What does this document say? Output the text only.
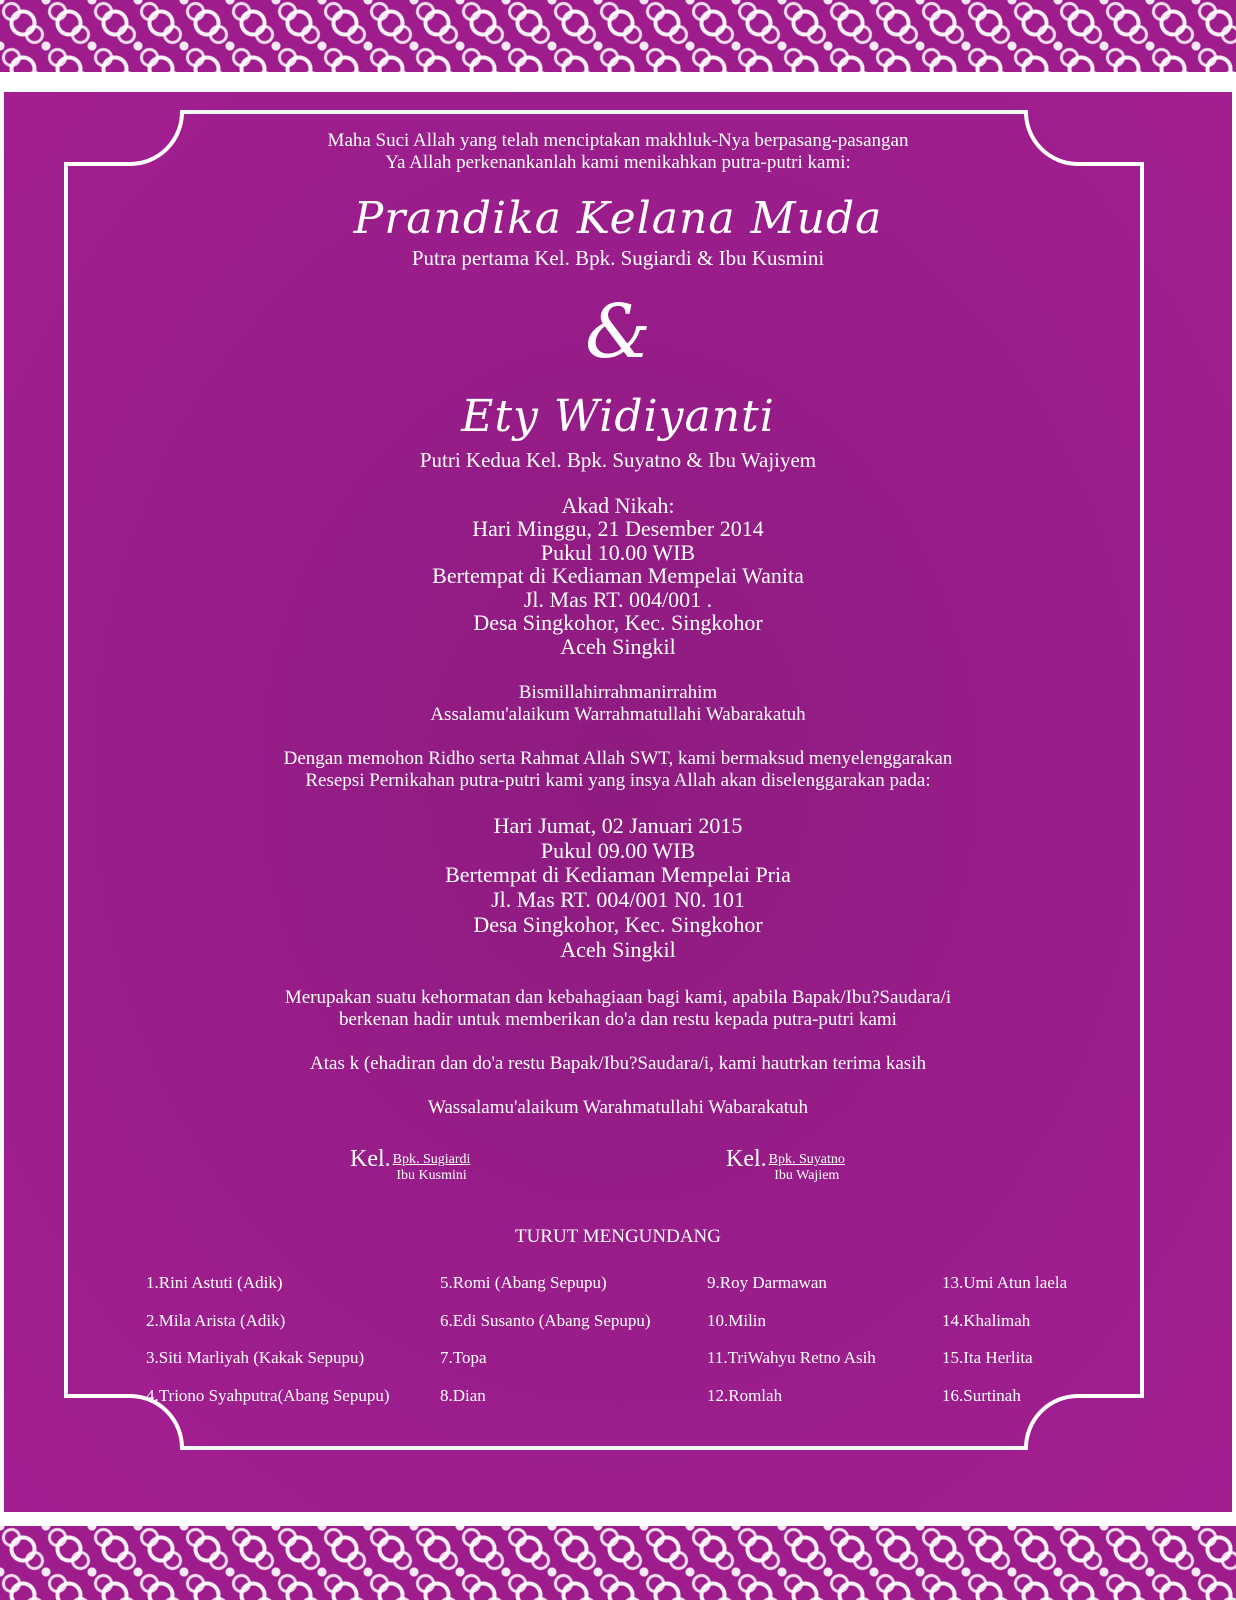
Maha Suci Allah yang telah menciptakan makhluk-Nya berpasang-pasangan
Ya Allah perkenankanlah kami menikahkan putra-putri kami:
Prandika Kelana Muda
Putra pertama Kel. Bpk. Sugiardi & Ibu Kusmini
&
Ety Widiyanti
Putri Kedua Kel. Bpk. Suyatno & Ibu Wajiyem
Akad Nikah:
Hari Minggu, 21 Desember 2014
Pukul 10.00 WIB
Bertempat di Kediaman Mempelai Wanita
Jl. Mas RT. 004/001 .
Desa Singkohor, Kec. Singkohor
Aceh Singkil
Bismillahirrahmanirrahim
Assalamu'alaikum Warrahmatullahi Wabarakatuh
Dengan memohon Ridho serta Rahmat Allah SWT, kami bermaksud menyelenggarakan
Resepsi Pernikahan putra-putri kami yang insya Allah akan diselenggarakan pada:
Hari Jumat, 02 Januari 2015
Pukul 09.00 WIB
Bertempat di Kediaman Mempelai Pria
Jl. Mas RT. 004/001 N0. 101
Desa Singkohor, Kec. Singkohor
Aceh Singkil
Merupakan suatu kehormatan dan kebahagiaan bagi kami, apabila Bapak/Ibu?Saudara/i
berkenan hadir untuk memberikan do'a dan restu kepada putra-putri kami
Atas k (ehadiran dan do'a restu Bapak/Ibu?Saudara/i, kami hautrkan terima kasih
Wassalamu'alaikum Warahmatullahi Wabarakatuh
Kel. Bpk. Sugiardi
Ibu Kusmini
Kel. Bpk. Suyatno
Ibu Wajiem
TURUT MENGUNDANG
1.Rini Astuti (Adik)
2.Mila Arista (Adik)
3.Siti Marliyah (Kakak Sepupu)
4.Triono Syahputra(Abang Sepupu)
5.Romi (Abang Sepupu)
6.Edi Susanto (Abang Sepupu)
7.Topa
8.Dian
9.Roy Darmawan
10.Milin
11.TriWahyu Retno Asih
12.Romlah
13.Umi Atun laela
14.Khalimah
15.Ita Herlita
16.Surtinah
